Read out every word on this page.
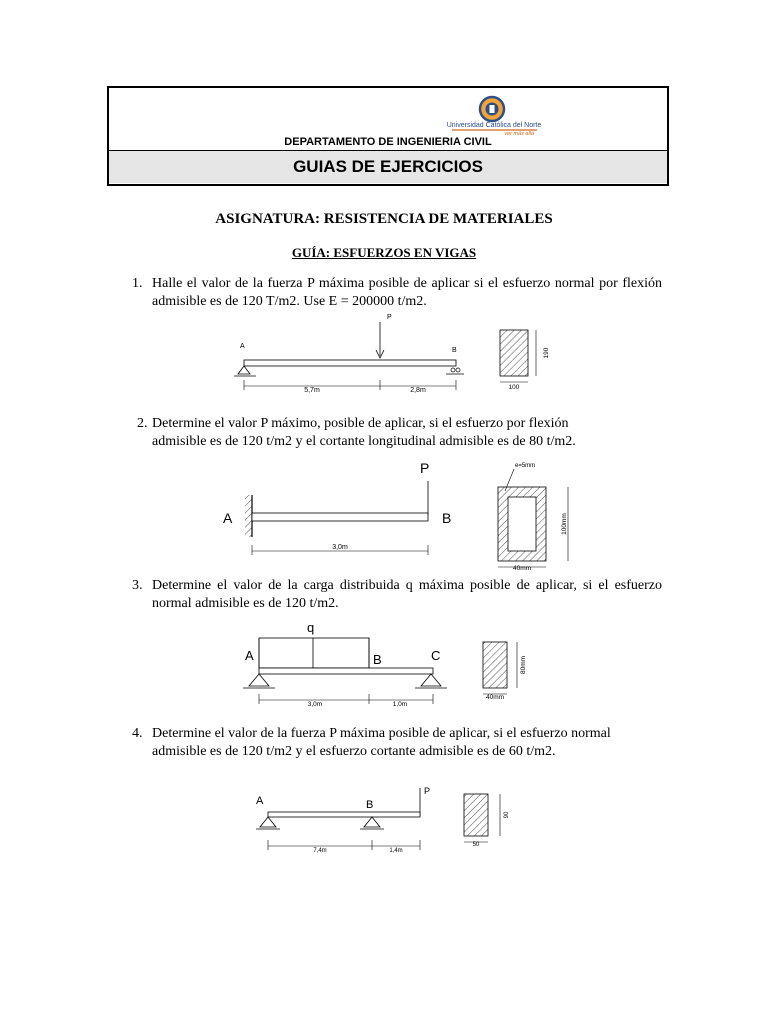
Universidad Católica del Norte
ver más allá
DEPARTAMENTO DE INGENIERIA CIVIL
GUIAS DE EJERCICIOS
ASIGNATURA: RESISTENCIA DE MATERIALES
GUÍA: ESFUERZOS EN VIGAS
1. Halle el valor de la fuerza P máxima posible de aplicar si el esfuerzo normal por flexión admisible es de 120 T/m2. Use E = 200000 t/m2.
P
A
B
5,7m	2,8m
190
100
2. Determine el valor P máximo, posible de aplicar, si el esfuerzo por flexión admisible es de 120 t/m2 y el cortante longitudinal admisible es de 80 t/m2.
P
A	B
3,0m
e=5mm
100mm
40mm
3. Determine el valor de la carga distribuida q máxima posible de aplicar, si el esfuerzo normal admisible es de 120 t/m2.
q
A	B	C
3,0m	1,0m
80mm
40mm
4. Determine el valor de la fuerza P máxima posible de aplicar, si el esfuerzo normal admisible es de 120 t/m2 y el esfuerzo cortante admisible es de 60 t/m2.
P
A	B
7,4m	1,4m
90
50
